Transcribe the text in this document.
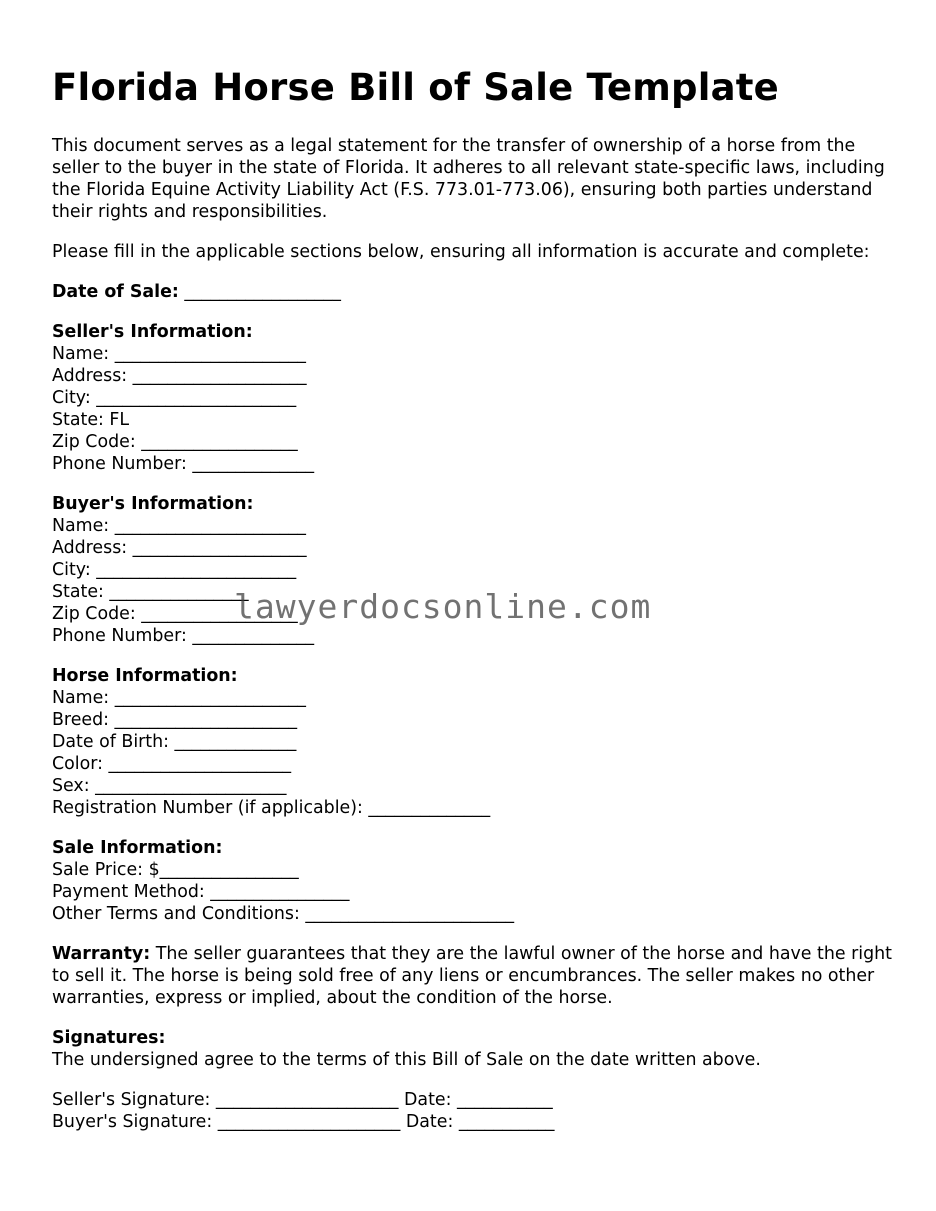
Florida Horse Bill of Sale Template

This document serves as a legal statement for the transfer of ownership of a horse from the seller to the buyer in the state of Florida. It adheres to all relevant state-specific laws, including the Florida Equine Activity Liability Act (F.S. 773.01-773.06), ensuring both parties understand their rights and responsibilities.

Please fill in the applicable sections below, ensuring all information is accurate and complete:

Date of Sale: __________________
Seller's Information:
Name: ______________________
Address: ____________________
City: _______________________
State: FL
Zip Code: __________________
Phone Number: ______________
Buyer's Information:
Name: ______________________
Address: ____________________
City: _______________________
State: ________________
Zip Code: __________________
Phone Number: ______________
Horse Information:
Name: ______________________
Breed: _____________________
Date of Birth: ______________
Color: _____________________
Sex: ______________________
Registration Number (if applicable): ______________
Sale Information:
Sale Price: $________________
Payment Method: ________________
Other Terms and Conditions: ________________________

Warranty: The seller guarantees that they are the lawful owner of the horse and have the right to sell it. The horse is being sold free of any liens or encumbrances. The seller makes no other warranties, express or implied, about the condition of the horse.

Signatures:
The undersigned agree to the terms of this Bill of Sale on the date written above.
Seller's Signature: _____________________ Date: ___________
Buyer's Signature: _____________________ Date: ___________
lawyerdocsonline.com
